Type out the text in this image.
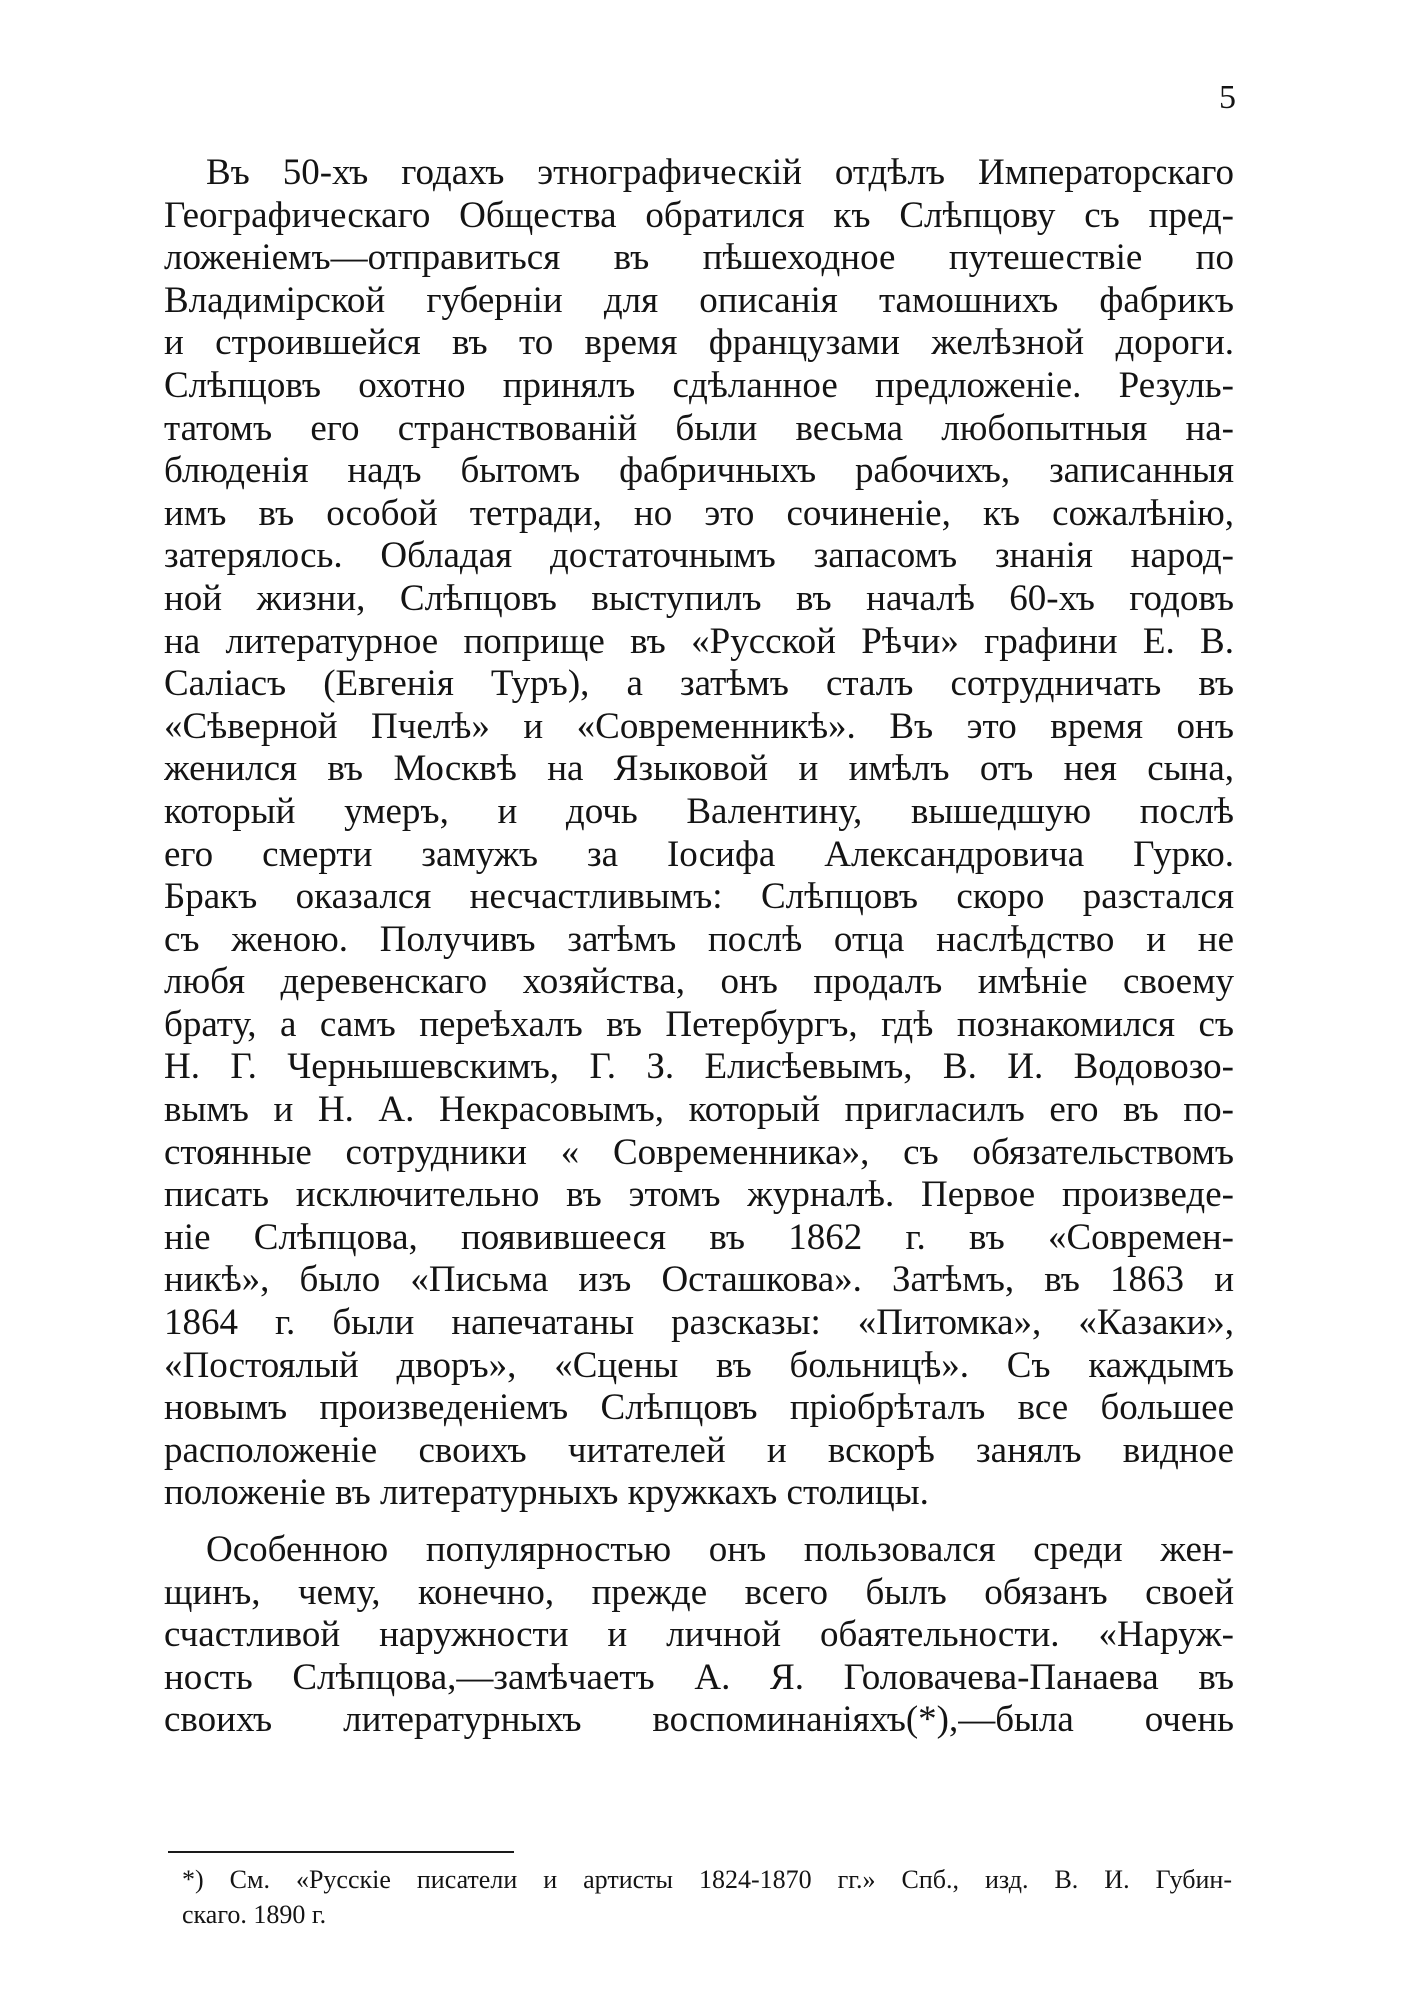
5
Въ 50-хъ годахъ этнографическій отдѣлъ Императорскаго
Географическаго Общества обратился къ Слѣпцову съ пред-
ложеніемъ—отправиться въ пѣшеходное путешествіе по
Владимірской губерніи для описанія тамошнихъ фабрикъ
и строившейся въ то время французами желѣзной дороги.
Слѣпцовъ охотно принялъ сдѣланное предложеніе. Резуль-
татомъ его странствованій были весьма любопытныя на-
блюденія надъ бытомъ фабричныхъ рабочихъ, записанныя
имъ въ особой тетради, но это сочиненіе, къ сожалѣнію,
затерялось. Обладая достаточнымъ запасомъ знанія народ-
ной жизни, Слѣпцовъ выступилъ въ началѣ 60-хъ годовъ
на литературное поприще въ «Русской Рѣчи» графини Е. В.
Саліасъ (Евгенія Туръ), а затѣмъ сталъ сотрудничать въ
«Сѣверной Пчелѣ» и «Современникѣ». Въ это время онъ
женился въ Москвѣ на Языковой и имѣлъ отъ нея сына,
который умеръ, и дочь Валентину, вышедшую послѣ
его смерти замужъ за Іосифа Александровича Гурко.
Бракъ оказался несчастливымъ: Слѣпцовъ скоро разстался
съ женою. Получивъ затѣмъ послѣ отца наслѣдство и не
любя деревенскаго хозяйства, онъ продалъ имѣніе своему
брату, а самъ переѣхалъ въ Петербургъ, гдѣ познакомился съ
Н. Г. Чернышевскимъ, Г. З. Елисѣевымъ, В. И. Водовозо-
вымъ и Н. А. Некрасовымъ, который пригласилъ его въ по-
стоянные сотрудники « Современника», съ обязательствомъ
писать исключительно въ этомъ журналѣ. Первое произведе-
ніе Слѣпцова, появившееся въ 1862 г. въ «Современ-
никѣ», было «Письма изъ Осташкова». Затѣмъ, въ 1863 и
1864 г. были напечатаны разсказы: «Питомка», «Казаки»,
«Постоялый дворъ», «Сцены въ больницѣ». Съ каждымъ
новымъ произведеніемъ Слѣпцовъ пріобрѣталъ все большее
расположеніе своихъ читателей и вскорѣ занялъ видное
положеніе въ литературныхъ кружкахъ столицы.
Особенною популярностью онъ пользовался среди жен-
щинъ, чему, конечно, прежде всего былъ обязанъ своей
счастливой наружности и личной обаятельности. «Наруж-
ность Слѣпцова,—замѣчаетъ А. Я. Головачева-Панаева въ
своихъ литературныхъ воспоминаніяхъ(*),—была очень
*) См. «Русскіе писатели и артисты 1824-1870 гг.» Спб., изд. В. И. Губин-
скаго. 1890 г.
